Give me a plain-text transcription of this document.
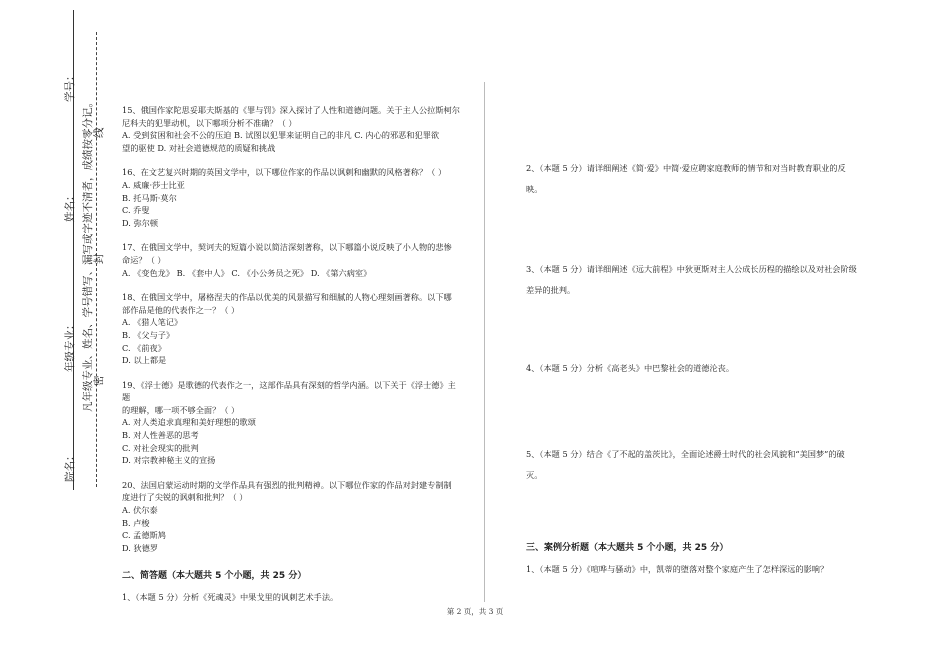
学号：
姓名：
年级专业：
院名：
凡年级专业、姓名、学号错写、漏写或字迹不清者，成绩按零分记。 线
封
密

15、俄国作家陀思妥耶夫斯基的《罪与罚》深入探讨了人性和道德问题。关于主人公拉斯柯尔

尼科夫的犯罪动机，以下哪项分析不准确？（ ）

A. 受到贫困和社会不公的压迫 B. 试图以犯罪来证明自己的非凡 C. 内心的邪恶和犯罪欲

望的驱使 D. 对社会道德规范的质疑和挑战

16、在文艺复兴时期的英国文学中，以下哪位作家的作品以讽刺和幽默的风格著称？（ ）

A. 威廉·莎士比亚

B. 托马斯·莫尔

C. 乔叟

D. 弥尔顿

17、在俄国文学中，契诃夫的短篇小说以简洁深刻著称，以下哪篇小说反映了小人物的悲惨

命运？（ ）

A. 《变色龙》 B. 《套中人》 C. 《小公务员之死》 D. 《第六病室》

18、在俄国文学中，屠格涅夫的作品以优美的风景描写和细腻的人物心理刻画著称。以下哪

部作品是他的代表作之一？（ ）

A. 《猎人笔记》

B. 《父与子》

C. 《前夜》

D. 以上都是

19、《浮士德》是歌德的代表作之一，这部作品具有深刻的哲学内涵。以下关于《浮士德》主题

的理解，哪一项不够全面？（ ）

A. 对人类追求真理和美好理想的歌颂

B. 对人性善恶的思考

C. 对社会现实的批判

D. 对宗教神秘主义的宣扬

20、法国启蒙运动时期的文学作品具有强烈的批判精神。以下哪位作家的作品对封建专制制

度进行了尖锐的讽刺和批判？（ ）

A. 伏尔泰

B. 卢梭

C. 孟德斯鸠

D. 狄德罗

二、简答题（本大题共 5 个小题，共 25 分）

1、（本题 5 分）分析《死魂灵》中果戈里的讽刺艺术手法。

2、（本题 5 分）请详细阐述《简·爱》中简·爱应聘家庭教师的情节和对当时教育职业的反

映。

3、（本题 5 分）请详细阐述《远大前程》中狄更斯对主人公成长历程的描绘以及对社会阶级

差异的批判。

4、（本题 5 分）分析《高老头》中巴黎社会的道德沦丧。

5、（本题 5 分）结合《了不起的盖茨比》，全面论述爵士时代的社会风貌和“美国梦”的破

灭。

三、案例分析题（本大题共 5 个小题，共 25 分）

1、（本题 5 分）《喧哗与骚动》中，凯蒂的堕落对整个家庭产生了怎样深远的影响？

第 2 页，共 3 页
